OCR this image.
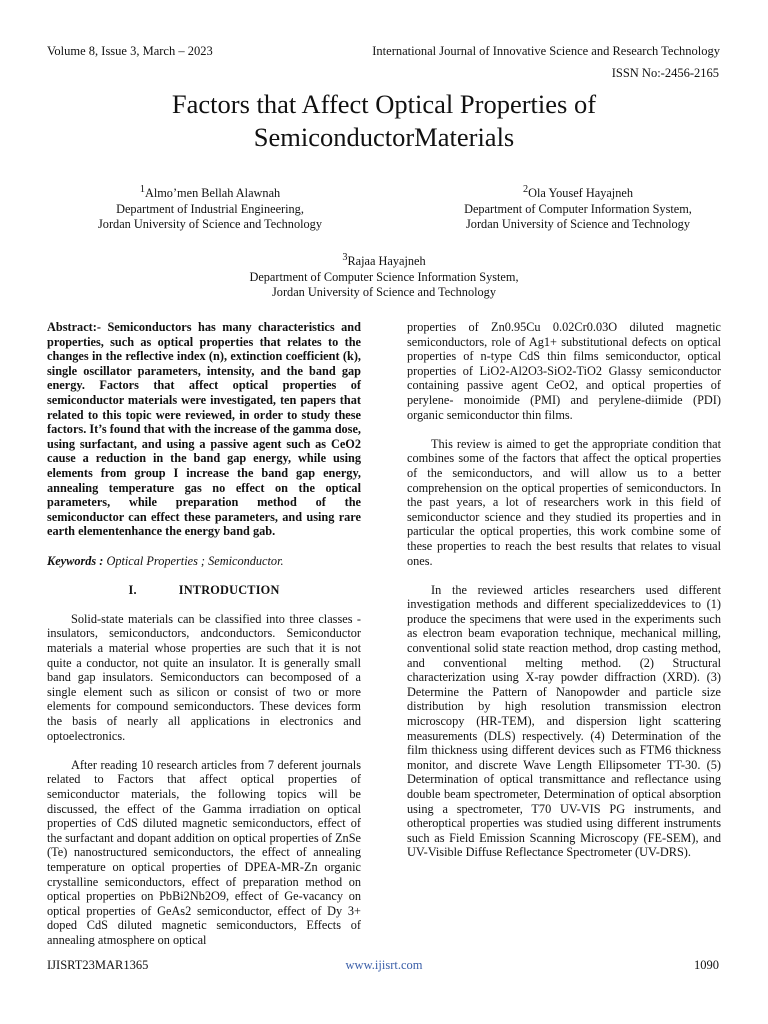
Volume 8, Issue 3, March – 2023	International Journal of Innovative Science and Research Technology
ISSN No:-2456-2165
Factors that Affect Optical Properties of
SemiconductorMaterials
$^1$Almo’men Bellah Alawnah
Department of Industrial Engineering,
Jordan University of Science and Technology
$^2$Ola Yousef Hayajneh
Department of Computer Information System,
Jordan University of Science and Technology
$^3$Rajaa Hayajneh
Department of Computer Science Information System,
Jordan University of Science and Technology

Abstract:- Semiconductors has many characteristics and properties, such as optical properties that relates to the changes in the reflective index (n), extinction coefficient (k), single oscillator parameters, intensity, and the band gap energy. Factors that affect optical properties of semiconductor materials were investigated, ten papers that related to this topic were reviewed, in order to study these factors. It’s found that with the increase of the gamma dose, using surfactant, and using a passive agent such as CeO2 cause a reduction in the band gap energy, while using elements from group I increase the band gap energy, annealing temperature gas no effect on the optical parameters, while preparation method of the semiconductor can effect these parameters, and using rare earth elementenhance the energy band gab.

Keywords : Optical Properties ; Semiconductor.

I.	INTRODUCTION

Solid-state materials can be classified into three classes - insulators, semiconductors, andconductors. Semiconductor materials a material whose properties are such that it is not quite a conductor, not quite an insulator. It is generally small band gap insulators. Semiconductors can becomposed of a single element such as silicon or consist of two or more elements for compound semiconductors. These devices form the basis of nearly all applications in electronics and optoelectronics.

After reading 10 research articles from 7 deferent journals related to Factors that affect optical properties of semiconductor materials, the following topics will be discussed, the effect of the Gamma irradiation on optical properties of CdS diluted magnetic semiconductors, effect of the surfactant and dopant addition on optical properties of ZnSe (Te) nanostructured semiconductors, the effect of annealing temperature on optical properties of DPEA-MR-Zn organic crystalline semiconductors, effect of preparation method on optical properties on PbBi2Nb2O9, effect of Ge-vacancy on optical properties of GeAs2 semiconductor, effect of Dy 3+ doped CdS diluted magnetic semiconductors, Effects of annealing atmosphere on optical

properties of Zn0.95Cu 0.02Cr0.03O diluted magnetic semiconductors, role of Ag1+ substitutional defects on optical properties of n-type CdS thin films semiconductor, optical properties of LiO2-Al2O3-SiO2-TiO2 Glassy semiconductor containing passive agent CeO2, and optical properties of perylene- monoimide (PMI) and perylene-diimide (PDI) organic semiconductor thin films.

This review is aimed to get the appropriate condition that combines some of the factors that affect the optical properties of the semiconductors, and will allow us to a better comprehension on the optical properties of semiconductors. In the past years, a lot of researchers work in this field of semiconductor science and they studied its properties and in particular the optical properties, this work combine some of these properties to reach the best results that relates to visual ones.

In the reviewed articles researchers used different investigation methods and different specializeddevices to (1) produce the specimens that were used in the experiments such as electron beam evaporation technique, mechanical milling, conventional solid state reaction method, drop casting method, and conventional melting method. (2) Structural characterization using X-ray powder diffraction (XRD). (3) Determine the Pattern of Nanopowder and particle size distribution by high resolution transmission electron microscopy (HR-TEM), and dispersion light scattering measurements (DLS) respectively. (4) Determination of the film thickness using different devices such as FTM6 thickness monitor, and discrete Wave Length Ellipsometer TT-30. (5) Determination of optical transmittance and reflectance using double beam spectrometer, Determination of optical absorption using a spectrometer, T70 UV-VIS PG instruments, and otheroptical properties was studied using different instruments such as Field Emission Scanning Microscopy (FE-SEM), and UV-Visible Diffuse Reflectance Spectrometer (UV-DRS).

IJISRT23MAR1365	www.ijisrt.com	1090
